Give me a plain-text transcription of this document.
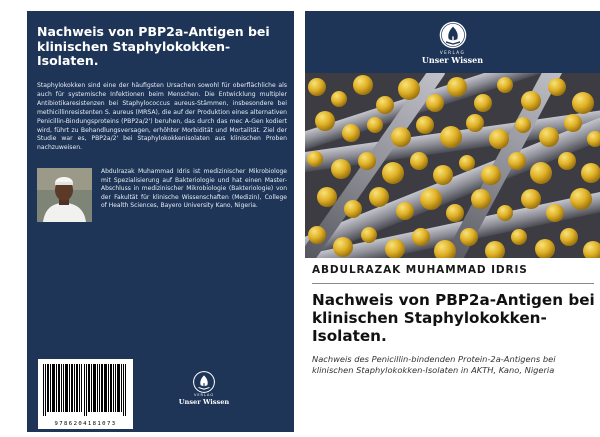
Nachweis von PBP2a-Antigen bei klinischen Staphylokokken-Isolaten.
Staphylokokken sind eine der häufigsten Ursachen sowohl für oberflächliche als auch für systemische Infektionen beim Menschen. Die Entwicklung multipler Antibiotikaresistenzen bei Staphylococcus aureus-Stämmen, insbesondere bei methicillinresistenten S. aureus (MRSA), die auf der Produktion eines alternativen Penicillin-Bindungsproteins (PBP2a/2') beruhen, das durch das mec A-Gen kodiert wird, führt zu Behandlungsversagen, erhöhter Morbidität und Mortalität. Ziel der Studie war es, PBP2a/2' bei Staphylokokkenisolaten aus klinischen Proben nachzuweisen.
Abdulrazak Muhammad Idris ist medizinischer Mikrobiologe mit Spezialisierung auf Bakteriologie und hat einen Master-Abschluss in medizinischer Mikrobiologie (Bakteriologie) von der Fakultät für klinische Wissenschaften (Medizin), College of Health Sciences, Bayero University Kano, Nigeria.
9786204181073
VERLAG
Unser Wissen
VERLAG
Unser Wissen
ABDULRAZAK MUHAMMAD IDRIS
Nachweis von PBP2a-Antigen bei klinischen Staphylokokken-Isolaten.
Nachweis des Penicillin-bindenden Protein-2a-Antigens bei klinischen Staphylokokken-Isolaten in AKTH, Kano, Nigeria
